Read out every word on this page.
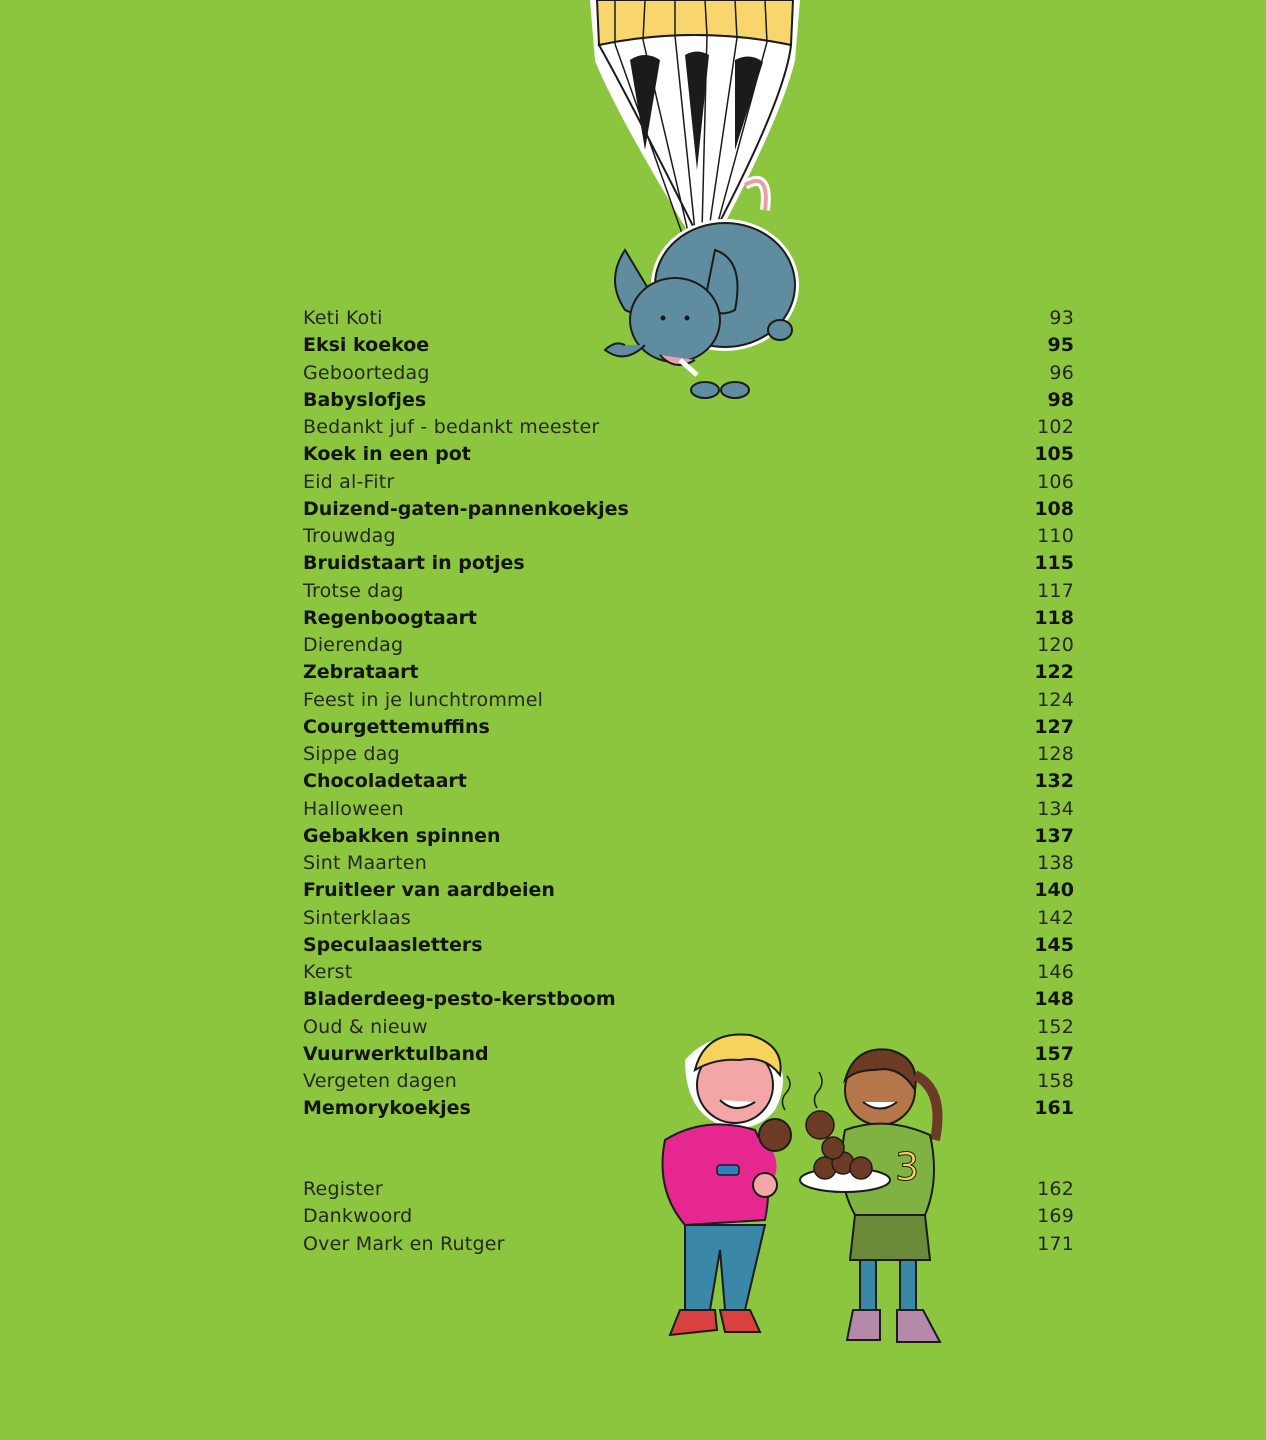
Keti Koti	93
Eksi koekoe	95
Geboortedag	96
Babyslofjes	98
Bedankt juf - bedankt meester	102
Koek in een pot	105
Eid al-Fitr	106
Duizend-gaten-pannenkoekjes	108
Trouwdag	110
Bruidstaart in potjes	115
Trotse dag	117
Regenboogtaart	118
Dierendag	120
Zebrataart	122
Feest in je lunchtrommel	124
Courgettemuffins	127
Sippe dag	128
Chocoladetaart	132
Halloween	134
Gebakken spinnen	137
Sint Maarten	138
Fruitleer van aardbeien	140
Sinterklaas	142
Speculaasletters	145
Kerst	146
Bladerdeeg-pesto-kerstboom	148
Oud & nieuw	152
Vuurwerktulband	157
Vergeten dagen	158
Memorykoekjes	161
Register	162
Dankwoord	169
Over Mark en Rutger	171
3
